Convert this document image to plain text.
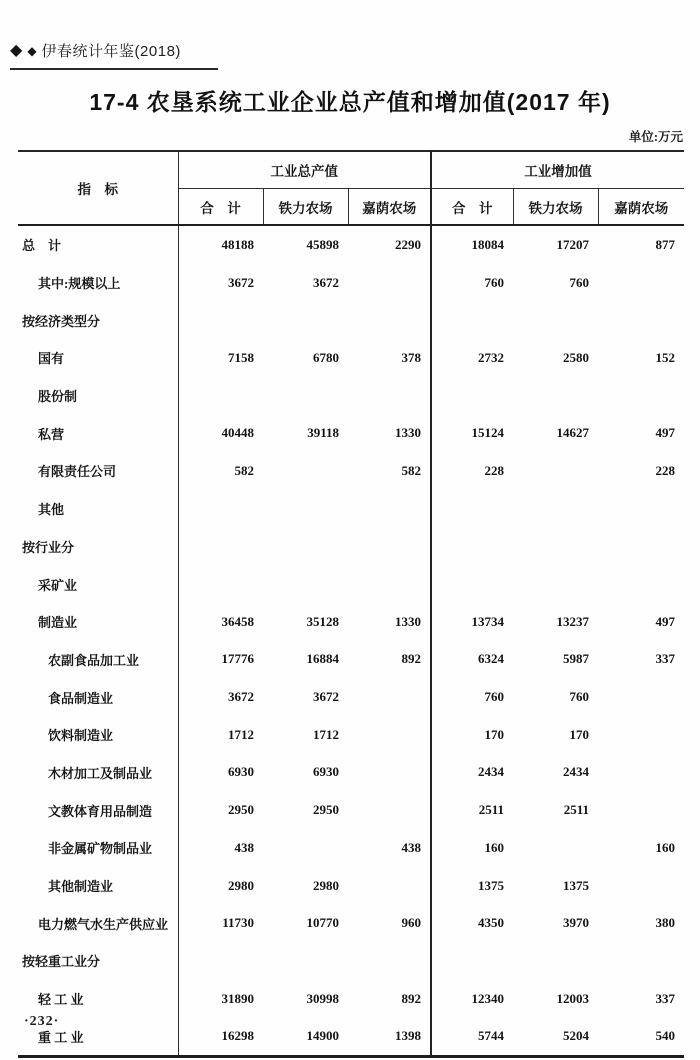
◆ ◆ 伊春统计年鉴(2018)
17-4 农垦系统工业企业总产值和增加值(2017 年)
单位:万元
指　标	工业总产值			工业增加值		
	合　计	铁力农场	嘉荫农场	合　计	铁力农场	嘉荫农场
总　计	48188	45898	2290	18084	17207	877
其中:规模以上	3672	3672		760	760	
按经济类型分						
国有	7158	6780	378	2732	2580	152
股份制						
私营	40448	39118	1330	15124	14627	497
有限责任公司	582		582	228		228
其他						
按行业分						
采矿业						
制造业	36458	35128	1330	13734	13237	497
农副食品加工业	17776	16884	892	6324	5987	337
食品制造业	3672	3672		760	760	
饮料制造业	1712	1712		170	170	
木材加工及制品业	6930	6930		2434	2434	
文教体育用品制造	2950	2950		2511	2511	
非金属矿物制品业	438		438	160		160
其他制造业	2980	2980		1375	1375	
电力燃气水生产供应业	11730	10770	960	4350	3970	380
按轻重工业分						
轻 工 业	31890	30998	892	12340	12003	337
重 工 业	16298	14900	1398	5744	5204	540
·232·
